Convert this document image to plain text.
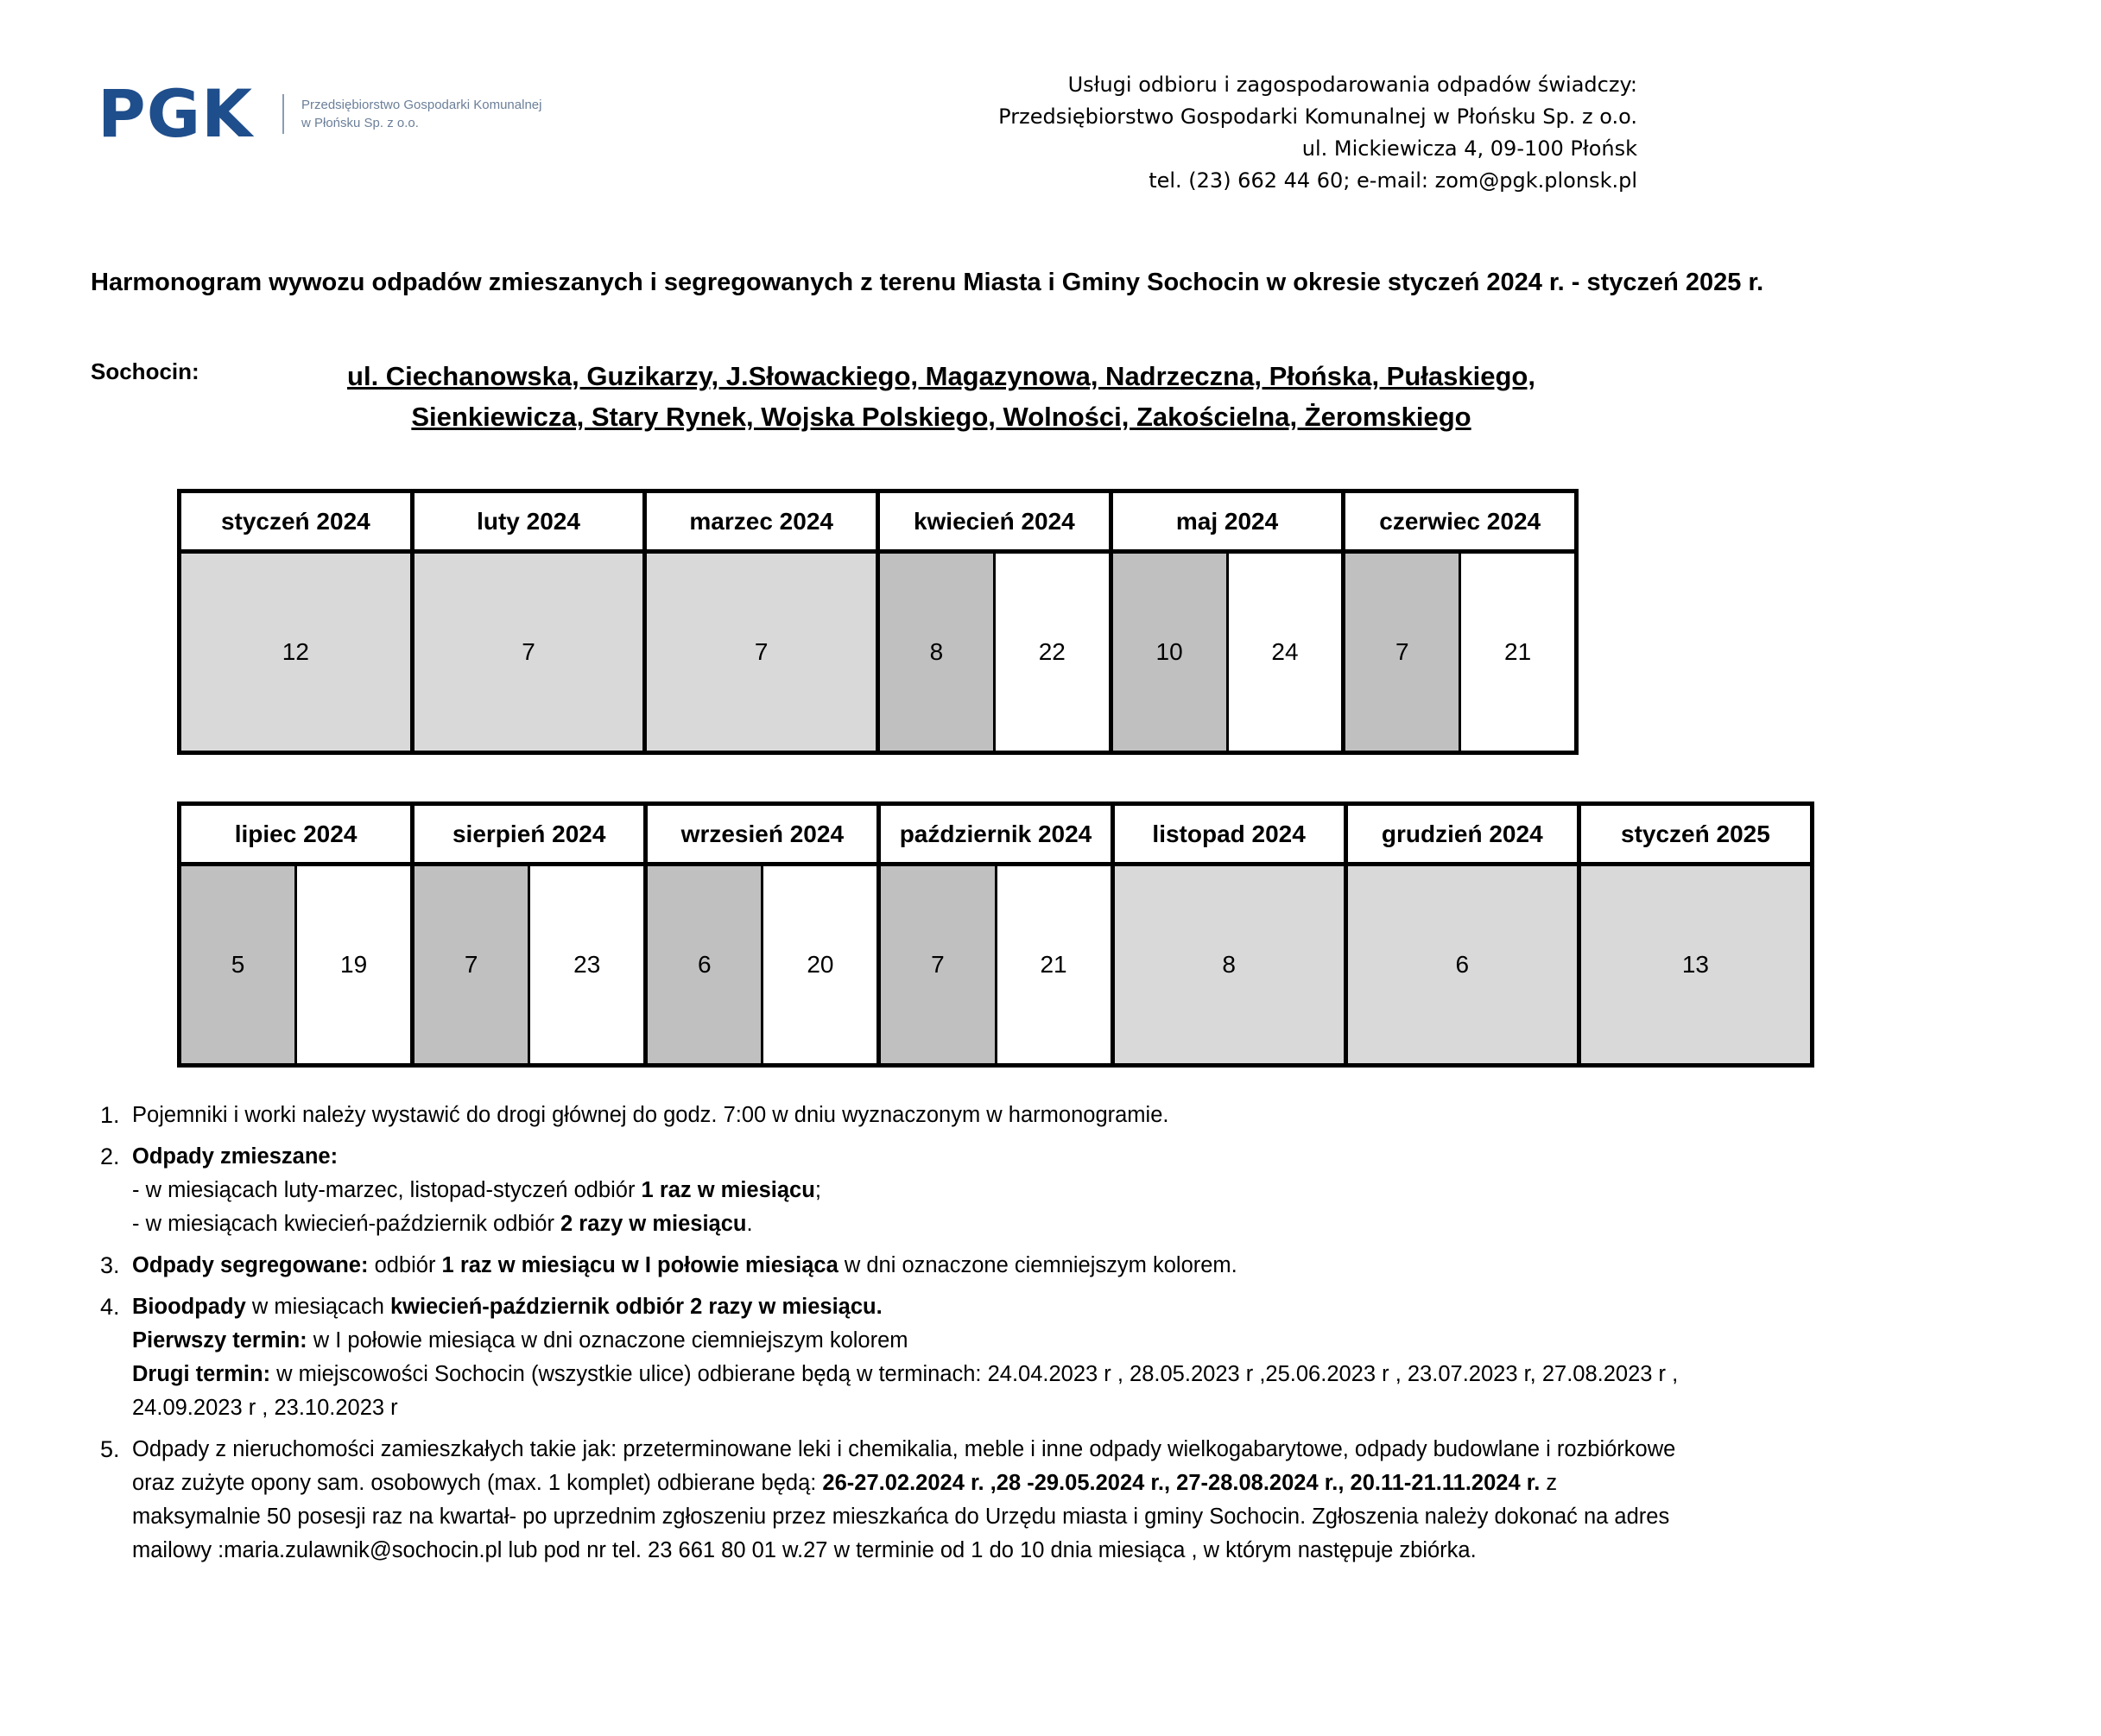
PGK	Przedsiębiorstwo Gospodarki Komunalnej
w Płońsku Sp. z o.o.
Usługi odbioru i zagospodarowania odpadów świadczy:
Przedsiębiorstwo Gospodarki Komunalnej w Płońsku Sp. z o.o.
ul. Mickiewicza 4, 09-100 Płońsk
tel. (23) 662 44 60; e-mail: zom@pgk.plonsk.pl
Harmonogram wywozu odpadów zmieszanych i segregowanych z terenu Miasta i Gminy Sochocin w okresie styczeń 2024 r. - styczeń 2025 r.
Sochocin:	ul. Ciechanowska, Guzikarzy, J.Słowackiego, Magazynowa, Nadrzeczna, Płońska, Pułaskiego,
Sienkiewicza, Stary Rynek, Wojska Polskiego, Wolności, Zakościelna, Żeromskiego
styczeń 2024
12
luty 2024
7
marzec 2024
7
kwiecień 2024
8	22
maj 2024
10	24
czerwiec 2024
7	21
lipiec 2024
5	19
sierpień 2024
7	23
wrzesień 2024
6	20
październik 2024
7	21
listopad 2024
8
grudzień 2024
6
styczeń 2025
13
1. Pojemniki i worki należy wystawić do drogi głównej do godz. 7:00 w dniu wyznaczonym w harmonogramie.
2. Odpady zmieszane:
- w miesiącach luty-marzec, listopad-styczeń odbiór 1 raz w miesiącu;
- w miesiącach kwiecień-październik odbiór 2 razy w miesiącu.
3. Odpady segregowane: odbiór 1 raz w miesiącu w I połowie miesiąca w dni oznaczone ciemniejszym kolorem.
4. Bioodpady w miesiącach kwiecień-październik odbiór 2 razy w miesiącu.
Pierwszy termin: w I połowie miesiąca w dni oznaczone ciemniejszym kolorem
Drugi termin: w miejscowości Sochocin (wszystkie ulice) odbierane będą w terminach: 24.04.2023 r , 28.05.2023 r ,25.06.2023 r , 23.07.2023 r, 27.08.2023 r ,
24.09.2023 r , 23.10.2023 r
5. Odpady z nieruchomości zamieszkałych takie jak: przeterminowane leki i chemikalia, meble i inne odpady wielkogabarytowe, odpady budowlane i rozbiórkowe
oraz zużyte opony sam. osobowych (max. 1 komplet) odbierane będą: 26-27.02.2024 r. ,28 -29.05.2024 r., 27-28.08.2024 r., 20.11-21.11.2024 r. z
maksymalnie 50 posesji raz na kwartał- po uprzednim zgłoszeniu przez mieszkańca do Urzędu miasta i gminy Sochocin. Zgłoszenia należy dokonać na adres
mailowy :maria.zulawnik@sochocin.pl lub pod nr tel. 23 661 80 01 w.27 w terminie od 1 do 10 dnia miesiąca , w którym następuje zbiórka.
